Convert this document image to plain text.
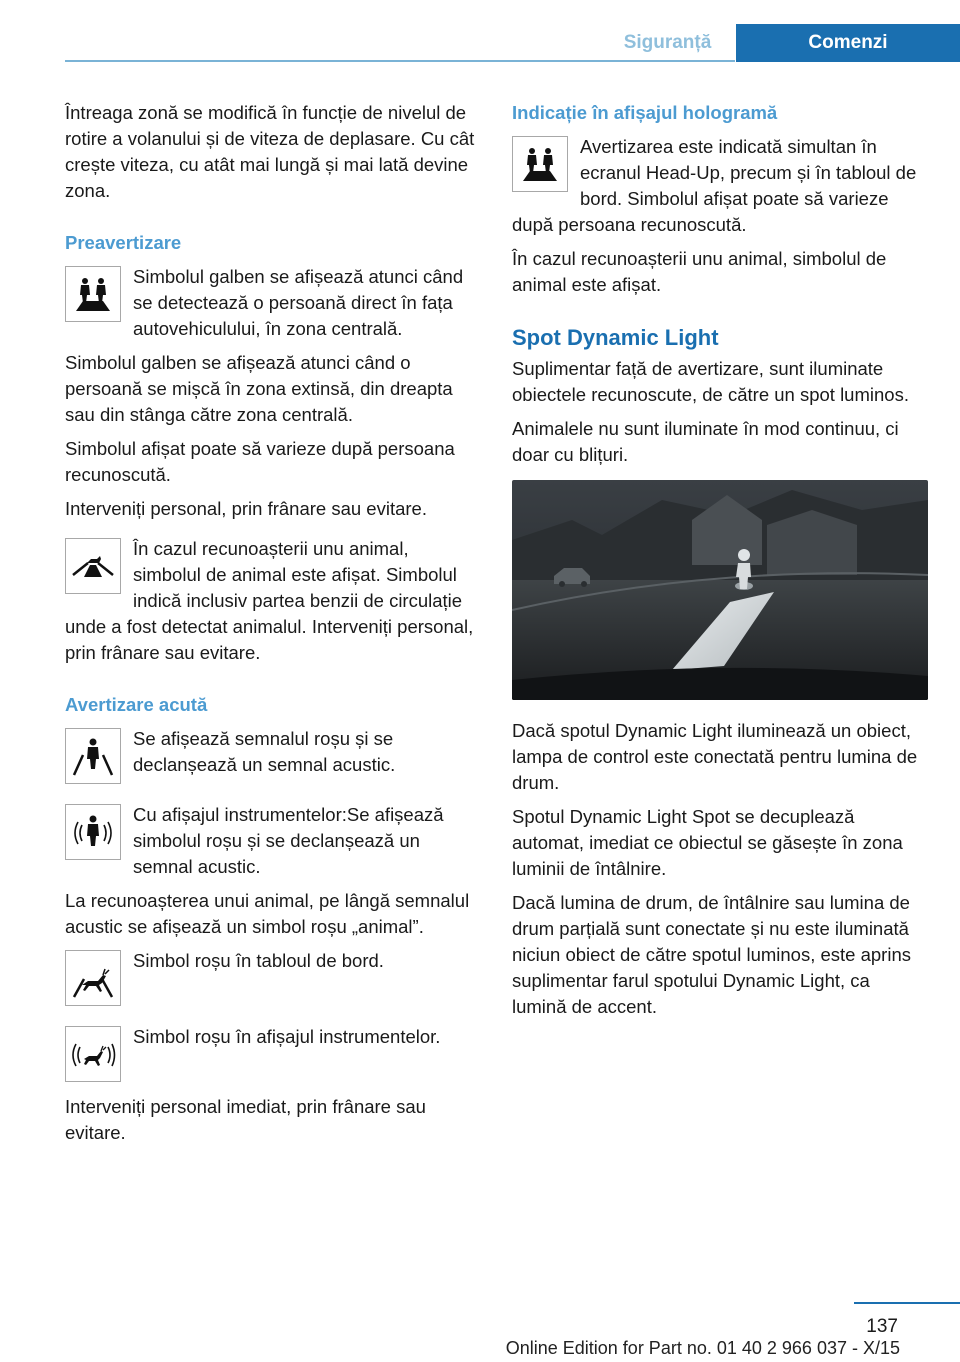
Siguranță	Comenzi

Întreaga zonă se modifică în funcție de nivelul de rotire a volanului și de viteza de deplasare. Cu cât crește viteza, cu atât mai lungă și mai lată devine zona.

Preavertizare
Simbolul galben se afișează atunci când se detectează o persoană direct în fața autovehiculului, în zona centrală.

Simbolul galben se afișează atunci când o persoană se mișcă în zona extinsă, din dreapta sau din stânga către zona centrală.

Simbolul afișat poate să varieze după persoana recunoscută.

Interveniți personal, prin frânare sau evitare.

În cazul recunoașterii unu animal, simbolul de animal este afișat. Simbolul indică inclusiv partea benzii de circulație unde a fost detectat animalul. Interveniți personal, prin frânare sau evitare.
Avertizare acută
Se afișează semnalul roșu și se declanșează un semnal acustic.
Cu afișajul instrumentelor:Se afișează simbolul roșu și se declanșează un semnal acustic.

La recunoașterea unui animal, pe lângă semnalul acustic se afișează un simbol roșu „animal”.

Simbol roșu în tabloul de bord.
Simbol roșu în afișajul instrumentelor.

Interveniți personal imediat, prin frânare sau evitare.

Indicație în afișajul hologramă
Avertizarea este indicată simultan în ecranul Head-Up, precum și în tabloul de bord. Simbolul afișat poate să varieze după persoana recunoscută.

În cazul recunoașterii unu animal, simbolul de animal este afișat.

Spot Dynamic Light

Suplimentar față de avertizare, sunt iluminate obiectele recunoscute, de către un spot luminos.

Animalele nu sunt iluminate în mod continuu, ci doar cu blițuri.

Dacă spotul Dynamic Light iluminează un obiect, lampa de control este conectată pentru lumina de drum.

Spotul Dynamic Light Spot se decuplează automat, imediat ce obiectul se găsește în zona luminii de întâlnire.

Dacă lumina de drum, de întâlnire sau lumina de drum parțială sunt conectate și nu este iluminată niciun obiect de către spotul luminos, este aprins suplimentar farul spotului Dynamic Light, ca lumină de accent.

137
Online Edition for Part no. 01 40 2 966 037 - X/15
